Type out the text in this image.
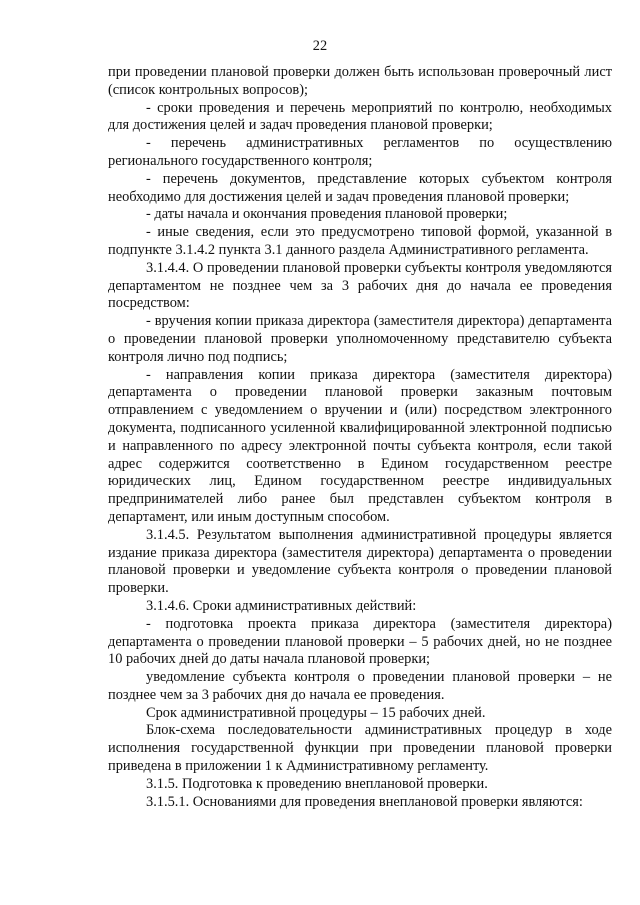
22

при проведении плановой проверки должен быть использован проверочный лист (список контрольных вопросов);

- сроки проведения и перечень мероприятий по контролю, необходимых для достижения целей и задач проведения плановой проверки;

- перечень административных регламентов по осуществлению регионального государственного контроля;

- перечень документов, представление которых субъектом контроля необходимо для достижения целей и задач проведения плановой проверки;

- даты начала и окончания проведения плановой проверки;

- иные сведения, если это предусмотрено типовой формой, указанной в подпункте 3.1.4.2 пункта 3.1 данного раздела Административного регламента.

3.1.4.4. О проведении плановой проверки субъекты контроля уведомляются департаментом не позднее чем за 3 рабочих дня до начала ее проведения посредством:

- вручения копии приказа директора (заместителя директора) департамента о проведении плановой проверки уполномоченному представителю субъекта контроля лично под подпись;

- направления копии приказа директора (заместителя директора) департамента о проведении плановой проверки заказным почтовым отправлением с уведомлением о вручении и (или) посредством электронного документа, подписанного усиленной квалифицированной электронной подписью и направленного по адресу электронной почты субъекта контроля, если такой адрес содержится соответственно в Едином государственном реестре юридических лиц, Едином государственном реестре индивидуальных предпринимателей либо ранее был представлен субъектом контроля в департамент, или иным доступным способом.

3.1.4.5. Результатом выполнения административной процедуры является издание приказа директора (заместителя директора) департамента о проведении плановой проверки и уведомление субъекта контроля о проведении плановой проверки.

3.1.4.6. Сроки административных действий:

- подготовка проекта приказа директора (заместителя директора) департамента о проведении плановой проверки – 5 рабочих дней, но не позднее 10 рабочих дней до даты начала плановой проверки;

уведомление субъекта контроля о проведении плановой проверки – не позднее чем за 3 рабочих дня до начала ее проведения.

Срок административной процедуры – 15 рабочих дней.

Блок-схема последовательности административных процедур в ходе исполнения государственной функции при проведении плановой проверки приведена в приложении 1 к Административному регламенту.

3.1.5. Подготовка к проведению внеплановой проверки.

3.1.5.1. Основаниями для проведения внеплановой проверки являются:
